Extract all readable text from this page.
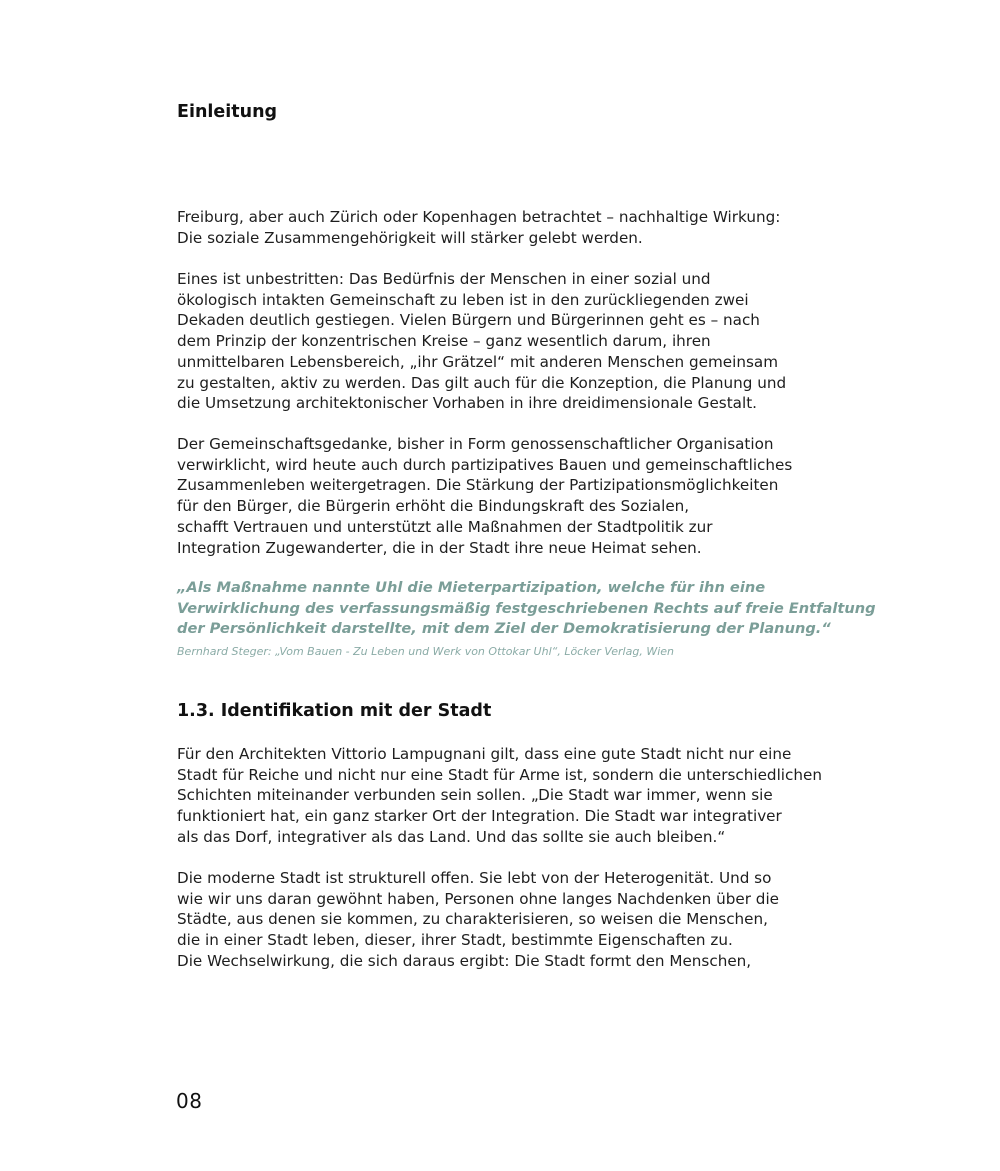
Einleitung

Freiburg, aber auch Zürich oder Kopenhagen betrachtet – nachhaltige Wirkung:
Die soziale Zusammengehörigkeit will stärker gelebt werden.

Eines ist unbestritten: Das Bedürfnis der Menschen in einer sozial und
ökologisch intakten Gemeinschaft zu leben ist in den zurückliegenden zwei
Dekaden deutlich gestiegen. Vielen Bürgern und Bürgerinnen geht es – nach
dem Prinzip der konzentrischen Kreise – ganz wesentlich darum, ihren
unmittelbaren Lebensbereich, „ihr Grätzel“ mit anderen Menschen gemeinsam
zu gestalten, aktiv zu werden. Das gilt auch für die Konzeption, die Planung und
die Umsetzung architektonischer Vorhaben in ihre dreidimensionale Gestalt.

Der Gemeinschaftsgedanke, bisher in Form genossenschaftlicher Organisation
verwirklicht, wird heute auch durch partizipatives Bauen und gemeinschaftliches
Zusammenleben weitergetragen. Die Stärkung der Partizipationsmöglichkeiten
für den Bürger, die Bürgerin erhöht die Bindungskraft des Sozialen,
schafft Vertrauen und unterstützt alle Maßnahmen der Stadtpolitik zur
Integration Zugewanderter, die in der Stadt ihre neue Heimat sehen.

„Als Maßnahme nannte Uhl die Mieterpartizipation, welche für ihn eine
Verwirklichung des verfassungsmäßig festgeschriebenen Rechts auf freie Entfaltung
der Persönlichkeit darstellte, mit dem Ziel der Demokratisierung der Planung.“

Bernhard Steger: „Vom Bauen - Zu Leben und Werk von Ottokar Uhl“, Löcker Verlag, Wien

1.3. Identifikation mit der Stadt

Für den Architekten Vittorio Lampugnani gilt, dass eine gute Stadt nicht nur eine
Stadt für Reiche und nicht nur eine Stadt für Arme ist, sondern die unterschiedlichen
Schichten miteinander verbunden sein sollen. „Die Stadt war immer, wenn sie
funktioniert hat, ein ganz starker Ort der Integration. Die Stadt war integrativer
als das Dorf, integrativer als das Land. Und das sollte sie auch bleiben.“

Die moderne Stadt ist strukturell offen. Sie lebt von der Heterogenität. Und so
wie wir uns daran gewöhnt haben, Personen ohne langes Nachdenken über die
Städte, aus denen sie kommen, zu charakterisieren, so weisen die Menschen,
die in einer Stadt leben, dieser, ihrer Stadt, bestimmte Eigenschaften zu.
Die Wechselwirkung, die sich daraus ergibt: Die Stadt formt den Menschen,

08
